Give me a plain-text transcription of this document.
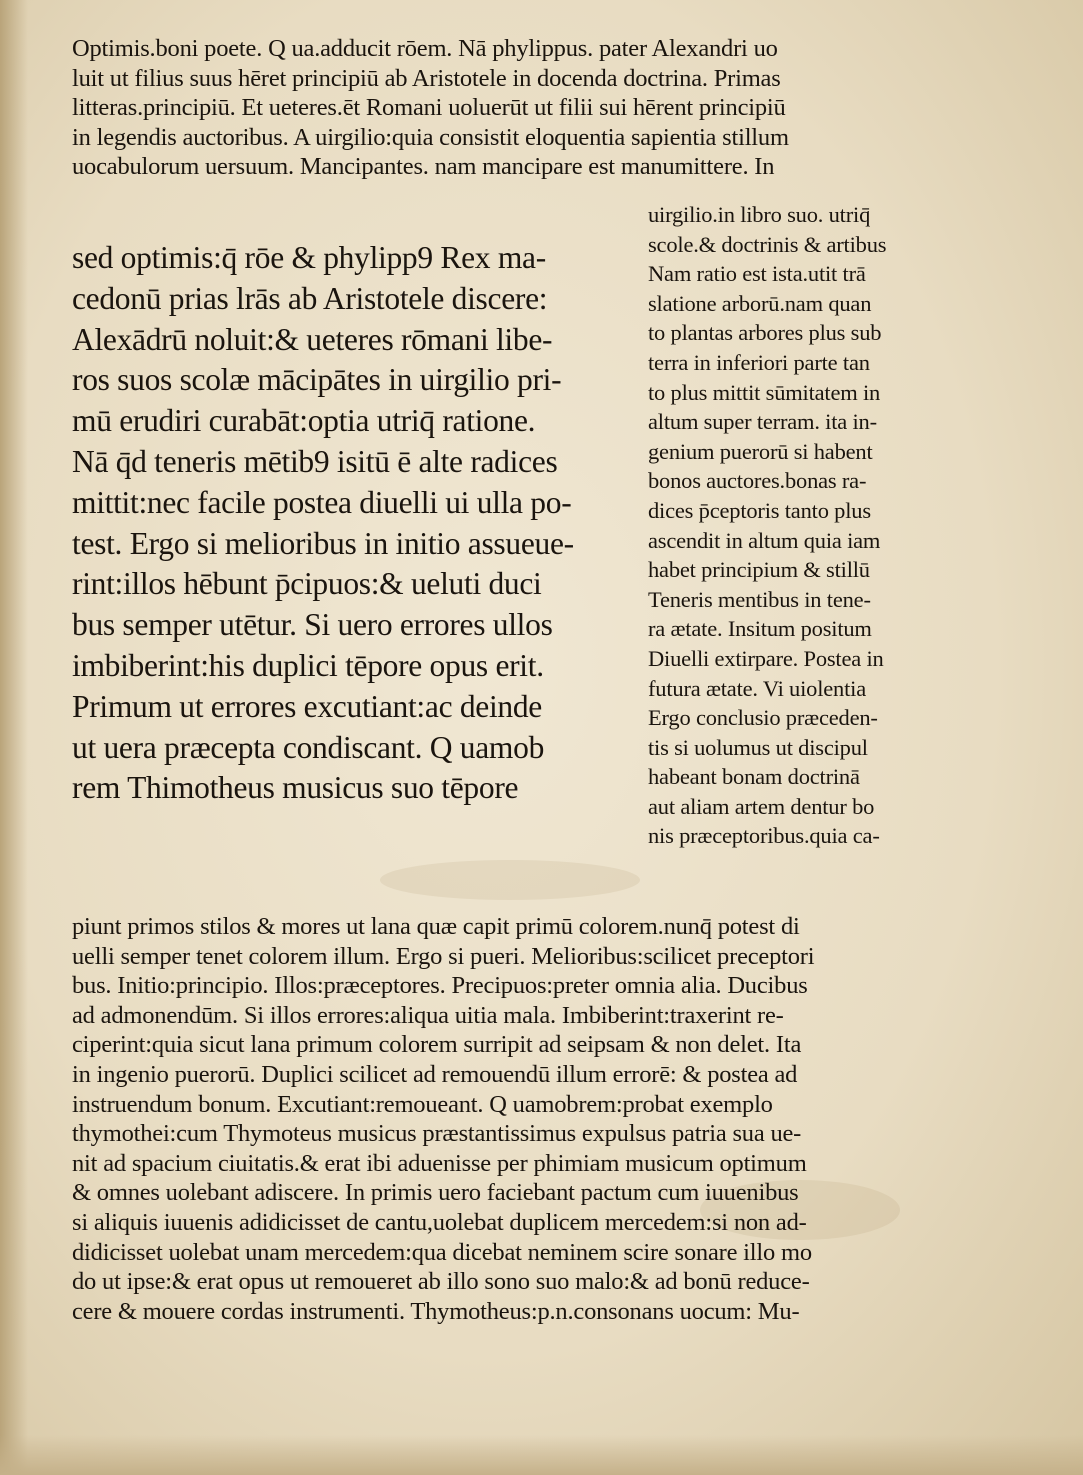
Optimis.boni poete. Q ua.adducit rōem. Nā phylippus. pater Alexandri uo
luit ut filius suus hēret principiū ab Aristotele in docenda doctrina. Primas
litteras.principiū. Et ueteres.ēt Romani uoluerūt ut filii sui hērent principiū
in legendis auctoribus. A uirgilio:quia consistit eloquentia sapientia stillum
uocabulorum uersuum. Mancipantes. nam mancipare est manumittere. In
sed optimis:q̄ rōe & phylipp9 Rex ma-
cedonū prias lrās ab Aristotele discere:
Alexādrū noluit:& ueteres rōmani libe-
ros suos scolæ mācipātes in uirgilio pri-
mū erudiri curabāt:optia utriq̄ ratione.
Nā q̄d teneris mētib9 isitū ē alte radices
mittit:nec facile postea diuelli ui ulla po-
test. Ergo si melioribus in initio assueue-
rint:illos hēbunt p̄cipuos:& ueluti duci
bus semper utētur. Si uero errores ullos
imbiberint:his duplici tēpore opus erit.
Primum ut errores excutiant:ac deinde
ut uera præcepta condiscant. Q uamob
rem Thimotheus musicus suo tēpore
uirgilio.in libro suo. utriq̄
scole.& doctrinis & artibus
Nam ratio est ista.utit trā
slatione arborū.nam quan
to plantas arbores plus sub
terra in inferiori parte tan
to plus mittit sūmitatem in
altum super terram. ita in-
genium puerorū si habent
bonos auctores.bonas ra-
dices p̄ceptoris tanto plus
ascendit in altum quia iam
habet principium & stillū
Teneris mentibus in tene-
ra ætate. Insitum positum
Diuelli extirpare. Postea in
futura ætate. Vi uiolentia
Ergo conclusio præceden-
tis si uolumus ut discipul
habeant bonam doctrinā
aut aliam artem dentur bo
nis præceptoribus.quia ca-
piunt primos stilos & mores ut lana quæ capit primū colorem.nunq̄ potest di
uelli semper tenet colorem illum. Ergo si pueri. Melioribus:scilicet preceptori
bus. Initio:principio. Illos:præceptores. Precipuos:preter omnia alia. Ducibus
ad admonendūm. Si illos errores:aliqua uitia mala. Imbiberint:traxerint re-
ciperint:quia sicut lana primum colorem surripit ad seipsam & non delet. Ita
in ingenio puerorū. Duplici scilicet ad remouendū illum errorē: & postea ad
instruendum bonum. Excutiant:remoueant. Q uamobrem:probat exemplo
thymothei:cum Thymoteus musicus præstantissimus expulsus patria sua ue-
nit ad spacium ciuitatis.& erat ibi aduenisse per phimiam musicum optimum
& omnes uolebant adiscere. In primis uero faciebant pactum cum iuuenibus
si aliquis iuuenis adidicisset de cantu,uolebat duplicem mercedem:si non ad-
didicisset uolebat unam mercedem:qua dicebat neminem scire sonare illo mo
do ut ipse:& erat opus ut remoueret ab illo sono suo malo:& ad bonū reduce-
cere & mouere cordas instrumenti. Thymotheus:p.n.consonans uocum: Mu-
